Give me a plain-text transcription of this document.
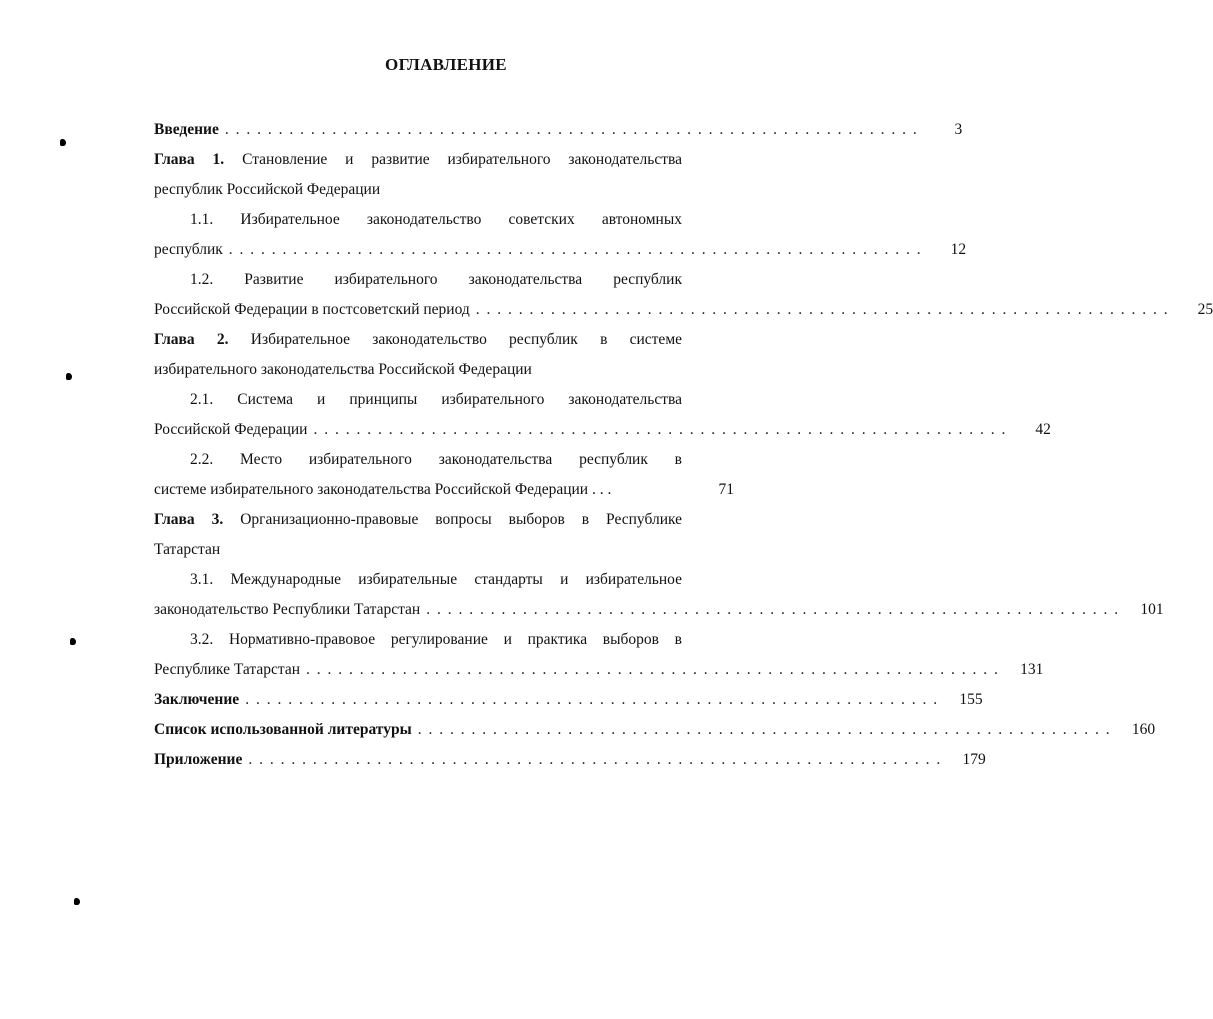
ОГЛАВЛЕНИЕ
Введение . . .	3
Глава 1. Становление и развитие избирательного законодательства
республик Российской Федерации
1.1. Избирательное законодательство советских автономных
республик . . .	12
1.2. Развитие избирательного законодательства республик
Российской Федерации в постсоветский период . . .	25
Глава 2. Избирательное законодательство республик в системе
избирательного законодательства Российской Федерации
2.1. Система и принципы избирательного законодательства
Российской Федерации . . .	42
2.2. Место избирательного законодательства республик в
системе избирательного законодательства Российской Федерации . . .	71
Глава 3. Организационно-правовые вопросы выборов в Республике
Татарстан
3.1. Международные избирательные стандарты и избирательное
законодательство Республики Татарстан . . .	101
3.2. Нормативно-правовое регулирование и практика выборов в
Республике Татарстан . . .	131
Заключение . . .	155
Список использованной литературы . . .	160
Приложение . . .	179
